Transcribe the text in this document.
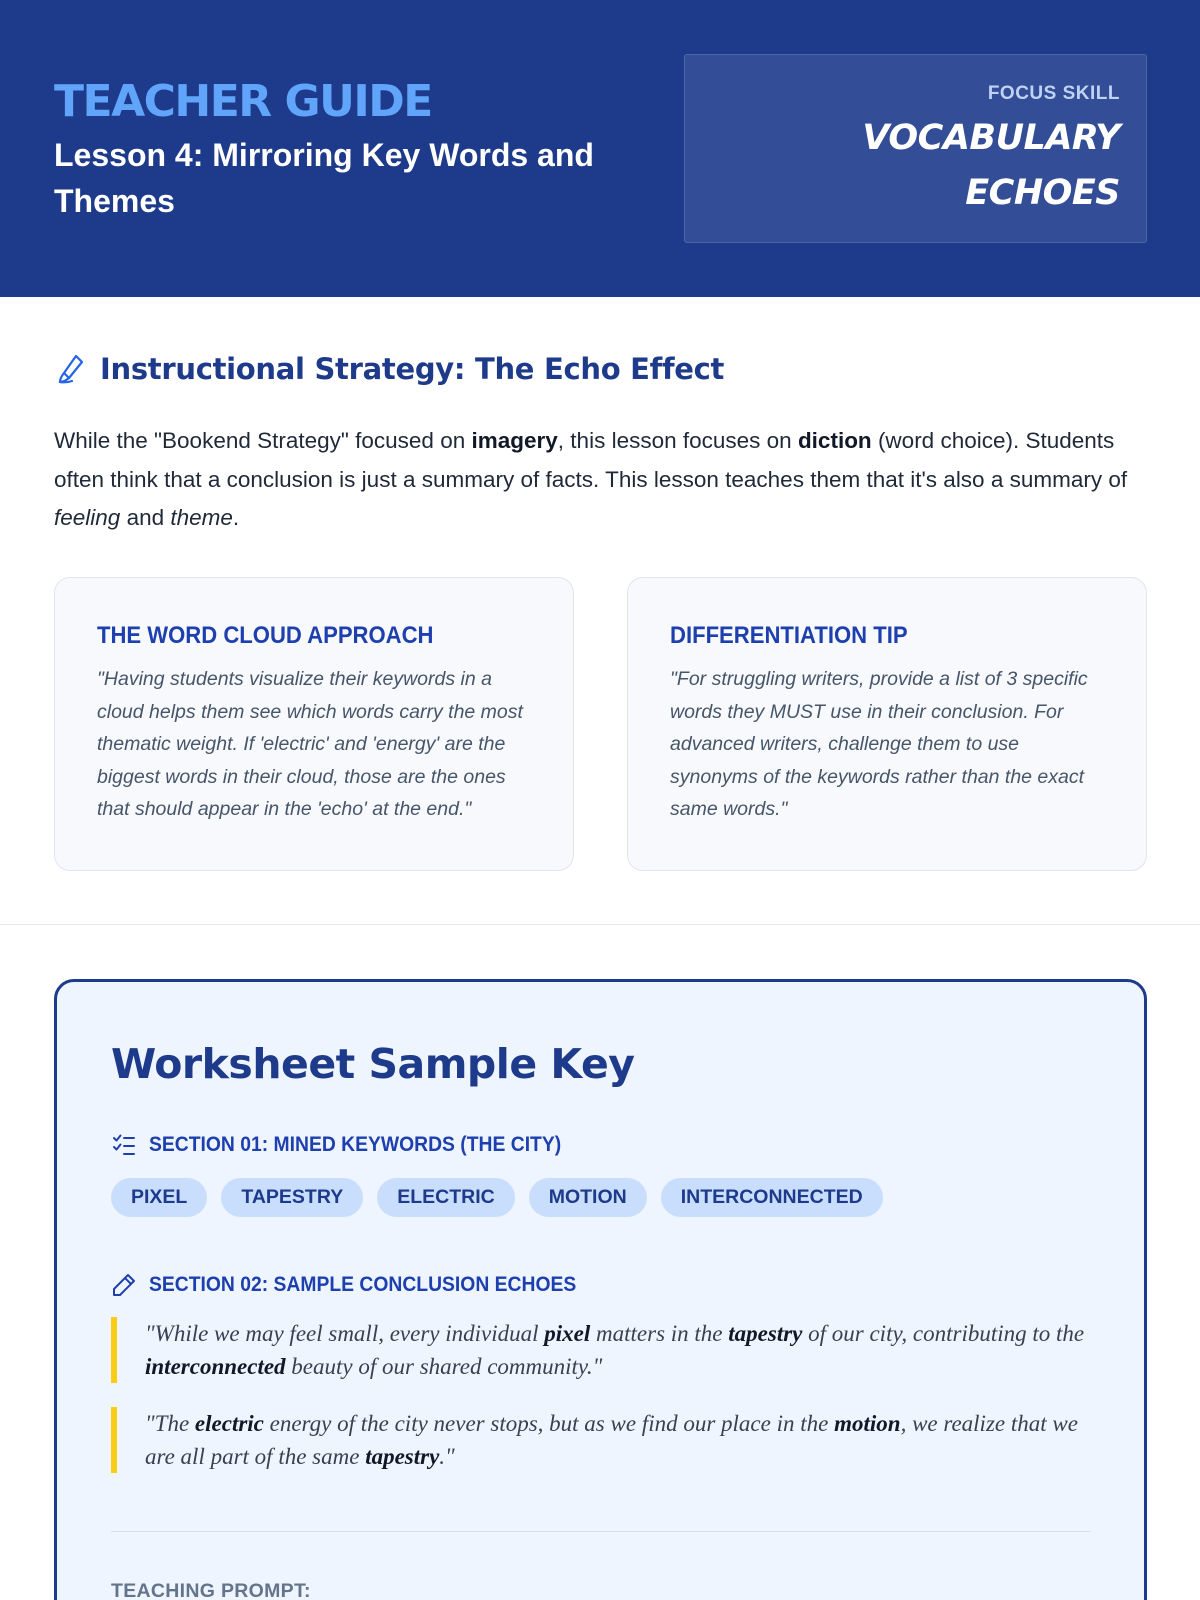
TEACHER GUIDE
Lesson 4: Mirroring Key Words and
Themes
FOCUS SKILL
VOCABULARY
ECHOES
Instructional Strategy: The Echo Effect

While the "Bookend Strategy" focused on imagery, this lesson focuses on diction (word choice). Students often think that a conclusion is just a summary of facts. This lesson teaches them that it's also a summary of feeling and theme.

THE WORD CLOUD APPROACH
"Having students visualize their keywords in a cloud helps them see which words carry the most thematic weight. If 'electric' and 'energy' are the biggest words in their cloud, those are the ones that should appear in the 'echo' at the end."
DIFFERENTIATION TIP
"For struggling writers, provide a list of 3 specific words they MUST use in their conclusion. For advanced writers, challenge them to use synonyms of the keywords rather than the exact same words."
Worksheet Sample Key
SECTION 01: MINED KEYWORDS (THE CITY)
PIXEL	TAPESTRY	ELECTRIC	MOTION	INTERCONNECTED
SECTION 02: SAMPLE CONCLUSION ECHOES

"While we may feel small, every individual pixel matters in the tapestry of our city, contributing to the interconnected beauty of our shared community."

"The electric energy of the city never stops, but as we find our place in the motion, we realize that we are all part of the same tapestry."

TEACHING PROMPT:
